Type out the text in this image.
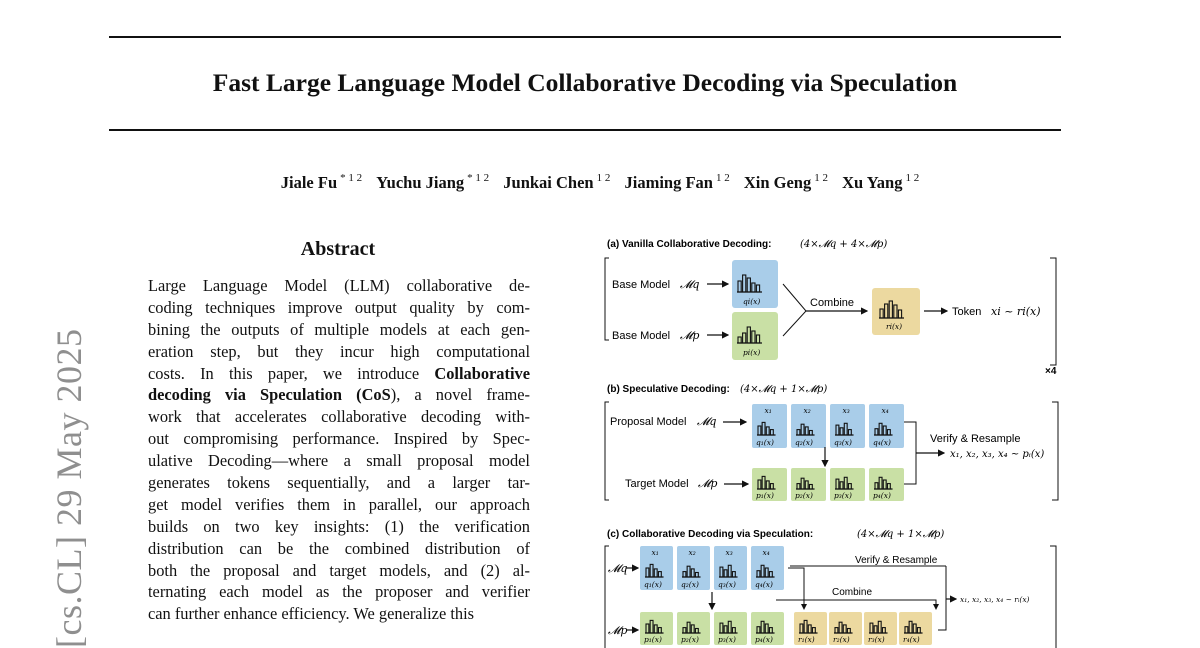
Fast Large Language Model Collaborative Decoding via Speculation
Jiale Fu $^{* 1 2}$ Yuchu Jiang $^{* 1 2}$ Junkai Chen $^{1 2}$ Jiaming Fan $^{1 2}$ Xin Geng $^{1 2}$ Xu Yang $^{1 2}$
[cs.CL] 29 May 2025
Abstract
Large Language Model (LLM) collaborative de-
coding techniques improve output quality by com-
bining the outputs of multiple models at each gen-
eration step, but they incur high computational
costs. In this paper, we introduce Collaborative
decoding via Speculation (CoS), a novel frame-
work that accelerates collaborative decoding with-
out compromising performance. Inspired by Spec-
ulative Decoding—where a small proposal model
generates tokens sequentially, and a larger tar-
get model verifies them in parallel, our approach
builds on two key insights: (1) the verification
distribution can be the combined distribution of
both the proposal and target models, and (2) al-
ternating each model as the proposer and verifier
can further enhance efficiency. We generalize this
(a) Vanilla Collaborative Decoding:	(4×𝓜q + 4×𝓜p)
Base Model 𝓜q
q𝑖(𝑥)
Base Model 𝓜p
p𝑖(𝑥)
Combine
r𝑖(𝑥)
Token x𝑖 ~ r𝑖(x)
×4
(b) Speculative Decoding: (4×𝓜q + 1×𝓜p)
Proposal Model 𝓜q
x₁
q₁(x)
x₂
q₂(x)
x₃
q₃(x)
x₄
q₄(x)
Target Model 𝓜p
p₁(x)	p₂(x)	p₃(x)	p₄(x)
Verify & Resample
x₁, x₂, x₃, x₄ ~ pᵢ(x)
(c) Collaborative Decoding via Speculation:	(4×𝓜q + 1×𝓜p)
𝓜q
x₁
q₁(x)
x₂
q₂(x)
x₃
q₃(x)
x₄
q₄(x)
𝓜p
p₁(x)	p₂(x)	p₃(x)	p₄(x)	r₁(x) r₂(x) r₃(x) r₄(x)
Combine
Verify & Resample
x₁, x₂, x₃, x₄ ~ rᵢ(x)
